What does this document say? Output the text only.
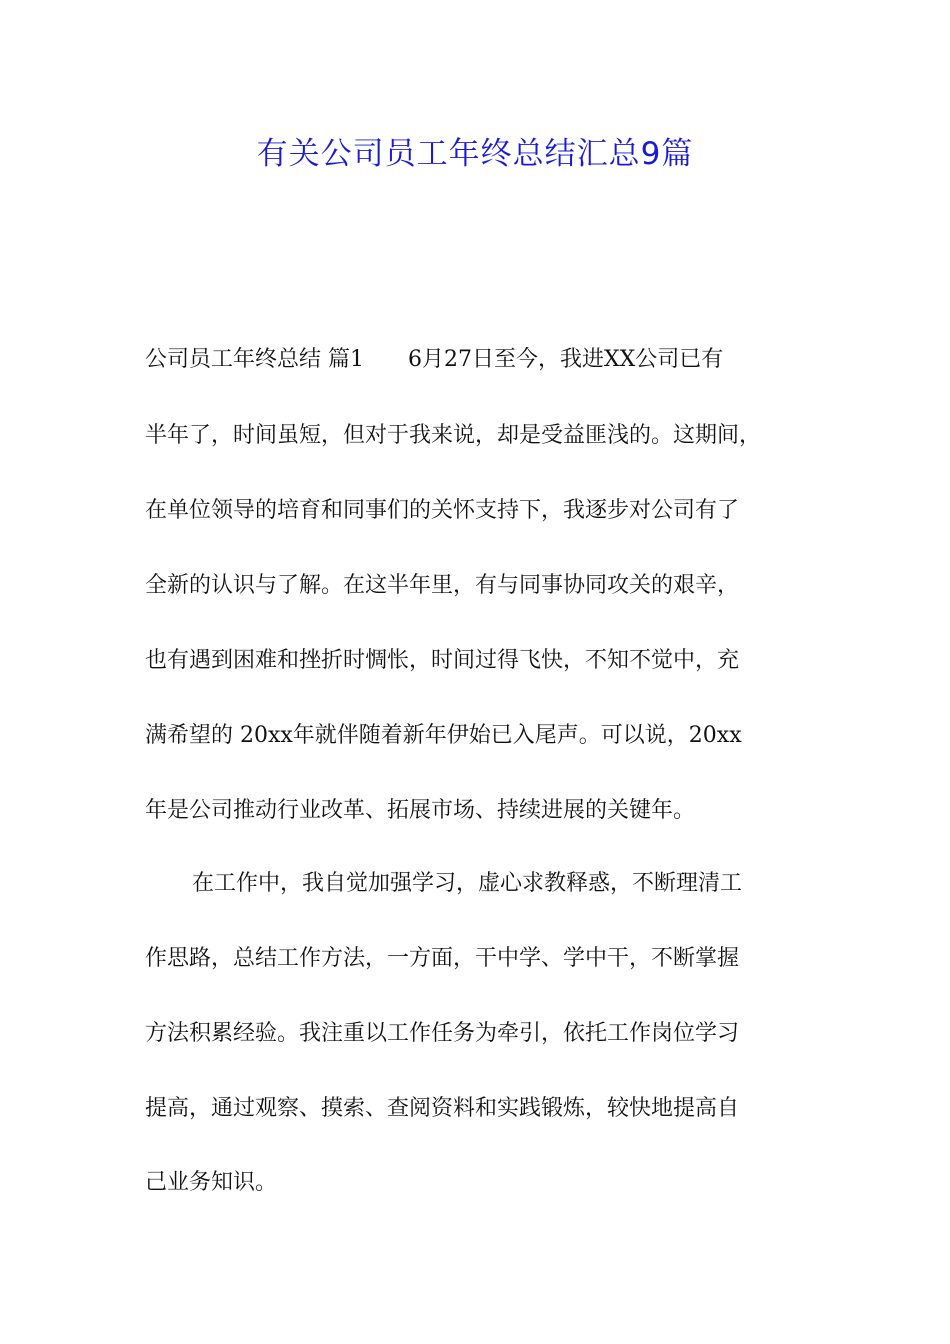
有关公司员工年终总结汇总9篇
公司员工年终总结 篇1　　6月27日至今，我进XX公司已有
半年了，时间虽短，但对于我来说，却是受益匪浅的。这期间，
在单位领导的培育和同事们的关怀支持下，我逐步对公司有了
全新的认识与了解。在这半年里，有与同事协同攻关的艰辛，
也有遇到困难和挫折时惆怅，时间过得飞快，不知不觉中，充
满希望的 20xx年就伴随着新年伊始已入尾声。可以说，20xx
年是公司推动行业改革、拓展市场、持续进展的关键年。
在工作中，我自觉加强学习，虚心求教释惑，不断理清工
作思路，总结工作方法，一方面，干中学、学中干，不断掌握
方法积累经验。我注重以工作任务为牵引，依托工作岗位学习
提高，通过观察、摸索、查阅资料和实践锻炼，较快地提高自
己业务知识。
